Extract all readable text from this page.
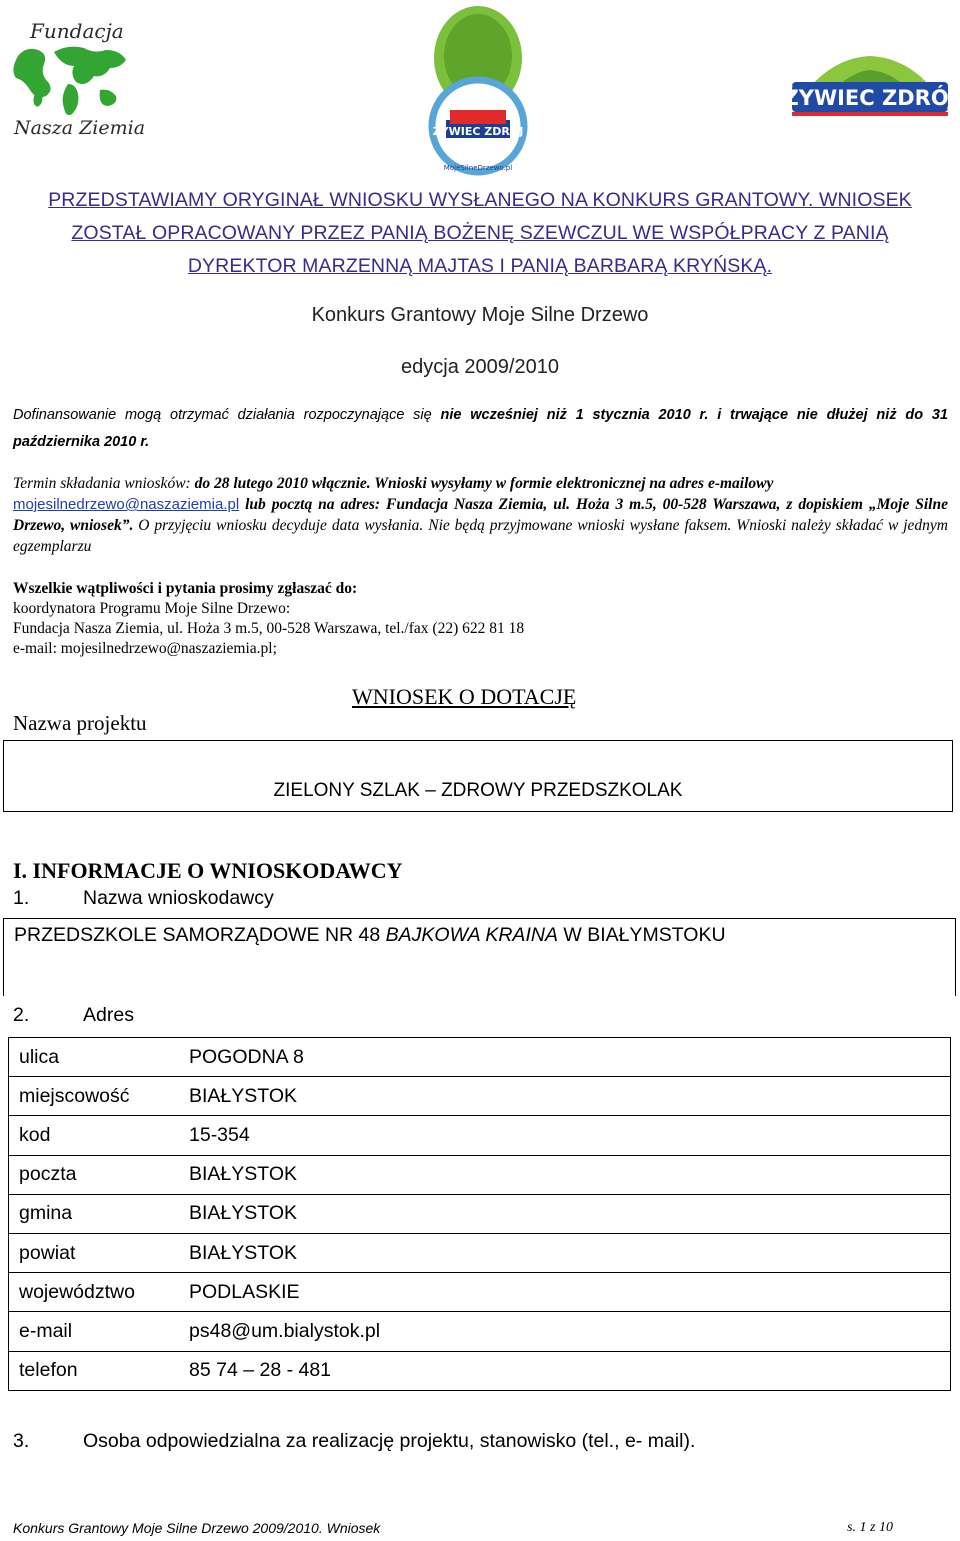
Fundacja
Nasza Ziemia	ŻYWIEC ZDRÓJ
MojeSilneDrzewo.pl
ŻYWIEC ZDRÓJ
PRZEDSTAWIAMY ORYGINAŁ WNIOSKU WYSŁANEGO NA KONKURS GRANTOWY. WNIOSEK ZOSTAŁ OPRACOWANY PRZEZ PANIĄ BOŻENĘ SZEWCZUL WE WSPÓŁPRACY Z PANIĄ DYREKTOR MARZENNĄ MAJTAS I PANIĄ BARBARĄ KRYŃSKĄ.
Konkurs Grantowy Moje Silne Drzewo
edycja 2009/2010
Dofinansowanie mogą otrzymać działania rozpoczynające się nie wcześniej niż 1 stycznia 2010 r. i trwające nie dłużej niż do 31 października 2010 r.
Termin składania wniosków: do 28 lutego 2010 włącznie. Wnioski wysyłamy w formie elektronicznej na adres e-mailowy
mojesilnedrzewo@naszaziemia.pl lub pocztą na adres: Fundacja Nasza Ziemia, ul. Hoża 3 m.5, 00-528 Warszawa, z dopiskiem „Moje Silne Drzewo, wniosek”. O przyjęciu wniosku decyduje data wysłania. Nie będą przyjmowane wnioski wysłane faksem. Wnioski należy składać w jednym egzemplarzu
Wszelkie wątpliwości i pytania prosimy zgłaszać do:
koordynatora Programu Moje Silne Drzewo:
Fundacja Nasza Ziemia, ul. Hoża 3 m.5, 00-528 Warszawa, tel./fax (22) 622 81 18
e-mail: mojesilnedrzewo@naszaziemia.pl;
WNIOSEK O DOTACJĘ
Nazwa projektu
ZIELONY SZLAK – ZDROWY PRZEDSZKOLAK
I. INFORMACJE O WNIOSKODAWCY
1.	Nazwa wnioskodawcy
PRZEDSZKOLE SAMORZĄDOWE NR 48 BAJKOWA KRAINA W BIAŁYMSTOKU
2.	Adres
ulica	POGODNA 8
miejscowość	BIAŁYSTOK
kod	15-354
poczta	BIAŁYSTOK
gmina	BIAŁYSTOK
powiat	BIAŁYSTOK
województwo	PODLASKIE
e-mail	ps48@um.bialystok.pl
telefon	85 74 – 28 - 481
3.	Osoba odpowiedzialna za realizację projektu, stanowisko (tel., e- mail).
Konkurs Grantowy Moje Silne Drzewo 2009/2010. Wniosek	s. 1 z 10
